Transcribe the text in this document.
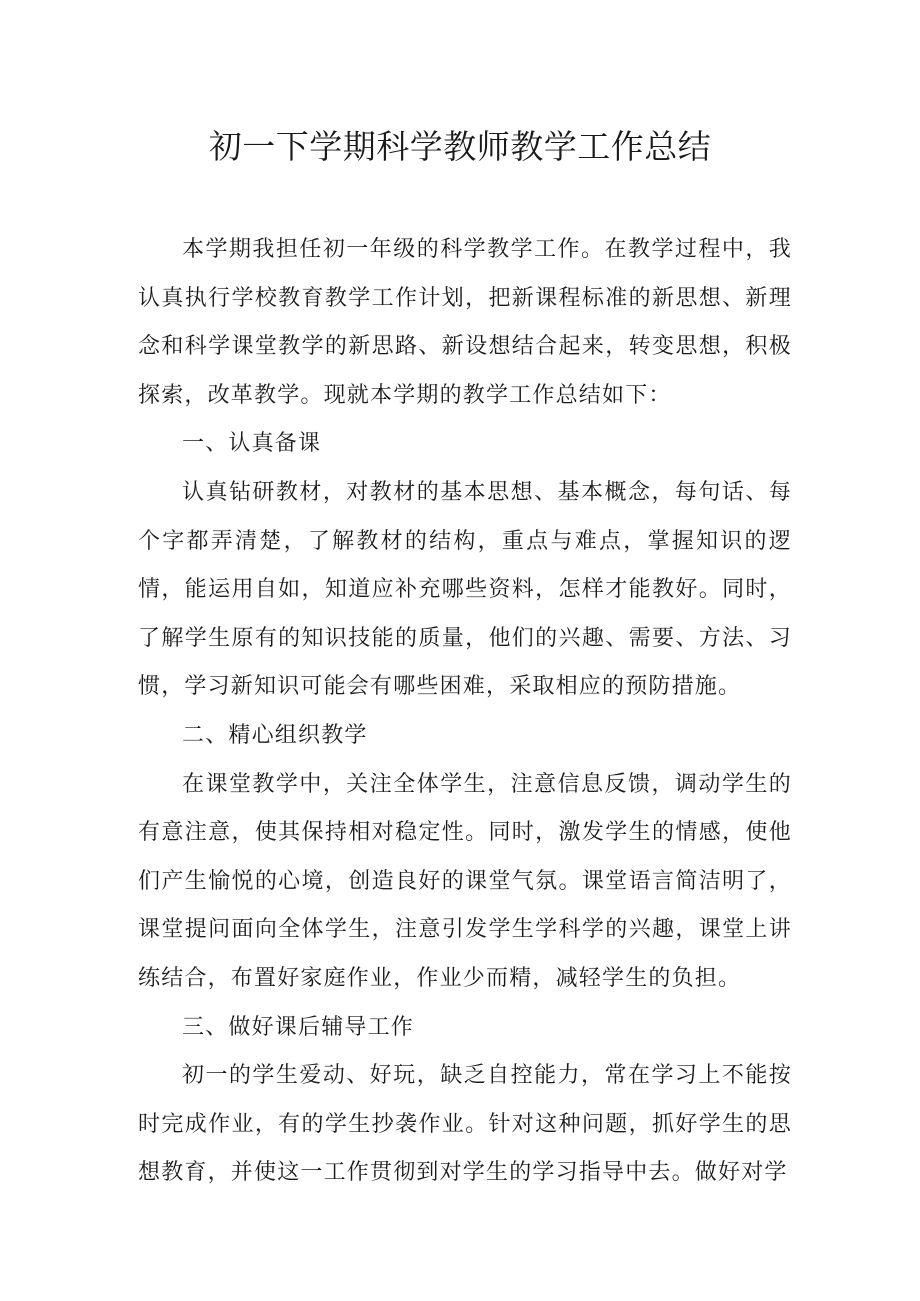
初一下学期科学教师教学工作总结

本学期我担任初一年级的科学教学工作。在教学过程中，我认真执行学校教育教学工作计划，把新课程标准的新思想、新理念和科学课堂教学的新思路、新设想结合起来，转变思想，积极探索，改革教学。现就本学期的教学工作总结如下：

一、认真备课

认真钻研教材，对教材的基本思想、基本概念，每句话、每个字都弄清楚，了解教材的结构，重点与难点，掌握知识的逻情，能运用自如，知道应补充哪些资料，怎样才能教好。同时，了解学生原有的知识技能的质量，他们的兴趣、需要、方法、习惯，学习新知识可能会有哪些困难，采取相应的预防措施。

二、精心组织教学

在课堂教学中，关注全体学生，注意信息反馈，调动学生的有意注意，使其保持相对稳定性。同时，激发学生的情感，使他们产生愉悦的心境，创造良好的课堂气氛。课堂语言简洁明了，课堂提问面向全体学生，注意引发学生学科学的兴趣，课堂上讲练结合，布置好家庭作业，作业少而精，减轻学生的负担。

三、做好课后辅导工作

初一的学生爱动、好玩，缺乏自控能力，常在学习上不能按时完成作业，有的学生抄袭作业。针对这种问题，抓好学生的思想教育，并使这一工作贯彻到对学生的学习指导中去。做好对学
